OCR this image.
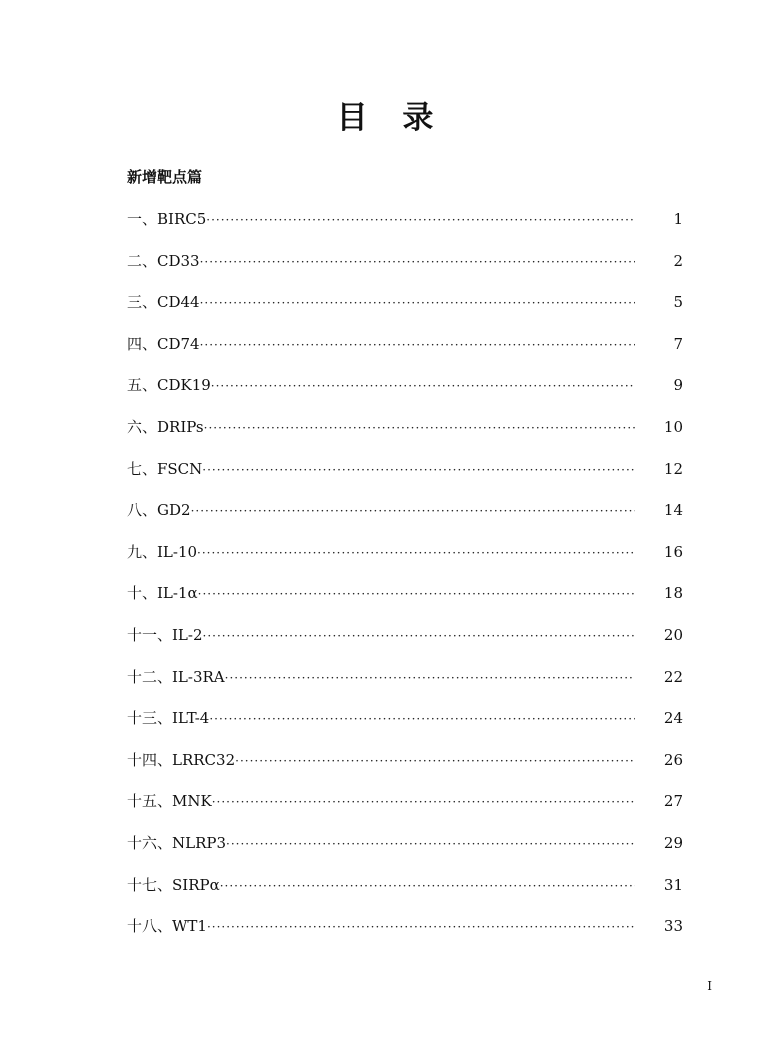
目 录
新增靶点篇
一、BIRC5 ·····	1
二、CD33 ·····	2
三、CD44 ·····	5
四、CD74 ·····	7
五、CDK19 ·····	9
六、DRIPs ·····	10
七、FSCN ·····	12
八、GD2 ·····	14
九、IL-10 ·····	16
十、IL-1α ·····	18
十一、IL-2 ·····	20
十二、IL-3RA ·····	22
十三、ILT-4 ·····	24
十四、LRRC32 ·····	26
十五、MNK ·····	27
十六、NLRP3 ·····	29
十七、SIRPα ·····	31
十八、WT1 ·····	33
I
